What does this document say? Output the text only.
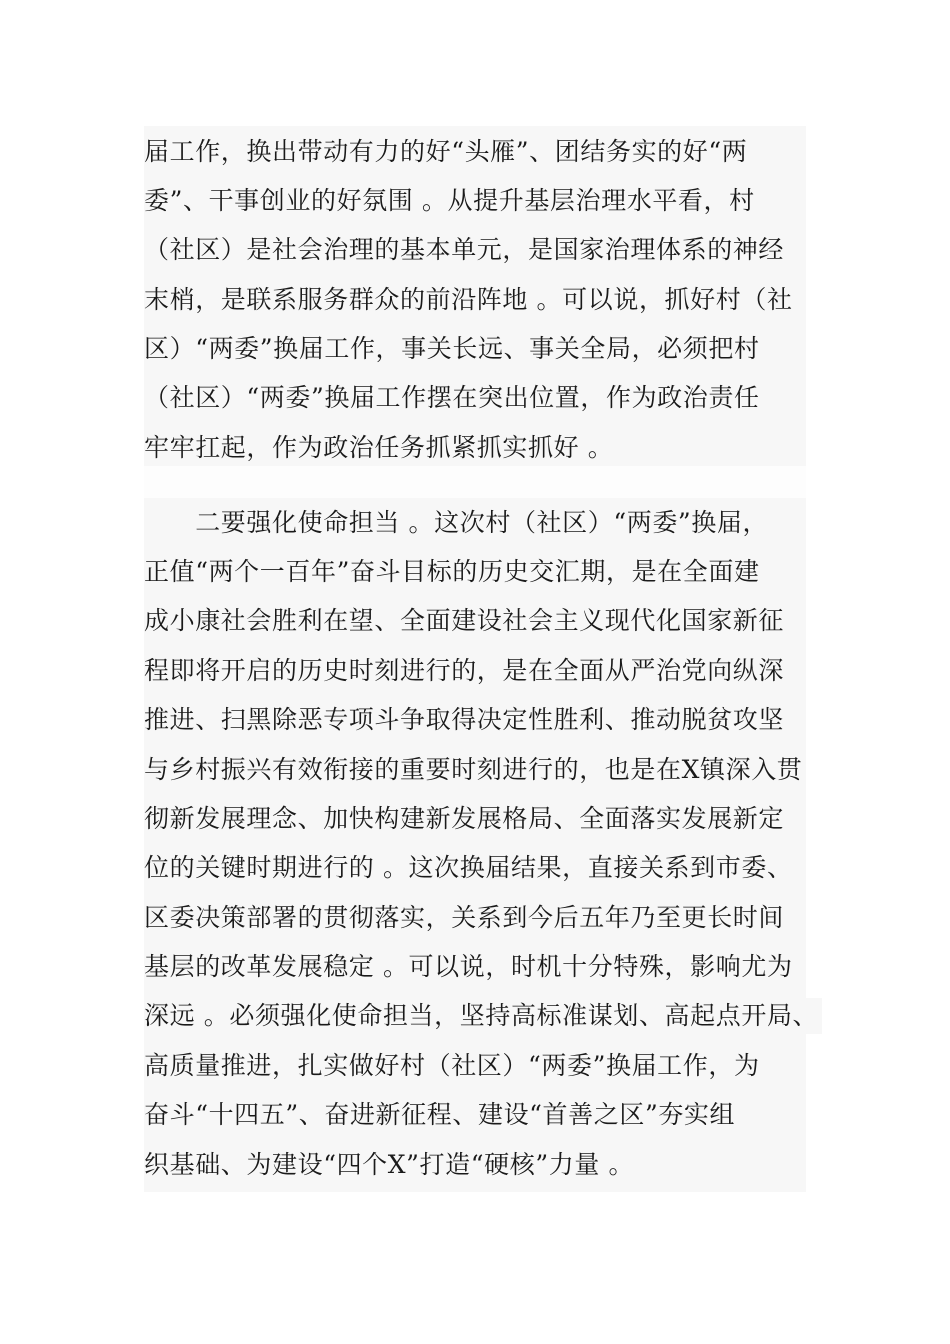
届工作，换出带动有力的好“头雁”、团结务实的好“两
委”、干事创业的好氛围 。从提升基层治理水平看，村
（社区）是社会治理的基本单元，是国家治理体系的神经
末梢，是联系服务群众的前沿阵地 。可以说，抓好村（社
区）“两委”换届工作，事关长远、事关全局，必须把村
（社区）“两委”换届工作摆在突出位置，作为政治责任
牢牢扛起，作为政治任务抓紧抓实抓好 。
　　二要强化使命担当 。这次村（社区）“两委”换届，
正值“两个一百年”奋斗目标的历史交汇期，是在全面建
成小康社会胜利在望、全面建设社会主义现代化国家新征
程即将开启的历史时刻进行的，是在全面从严治党向纵深
推进、扫黑除恶专项斗争取得决定性胜利、推动脱贫攻坚
与乡村振兴有效衔接的重要时刻进行的，也是在X镇深入贯
彻新发展理念、加快构建新发展格局、全面落实发展新定
位的关键时期进行的 。这次换届结果，直接关系到市委、
区委决策部署的贯彻落实，关系到今后五年乃至更长时间
基层的改革发展稳定 。可以说，时机十分特殊，影响尤为
深远 。必须强化使命担当，坚持高标准谋划、高起点开局、
高质量推进，扎实做好村（社区）“两委”换届工作，为
奋斗“十四五”、奋进新征程、建设“首善之区”夯实组
织基础、为建设“四个X”打造“硬核”力量 。
